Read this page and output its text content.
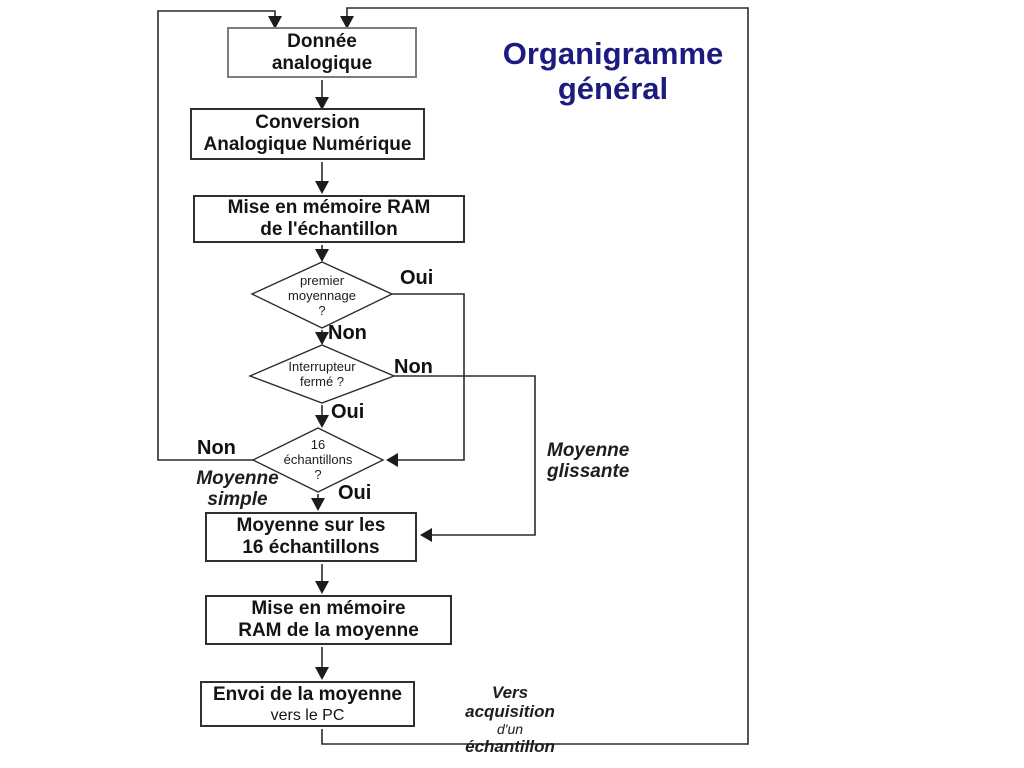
Organigramme
général
Donnée
analogique
Conversion
Analogique Numérique
Mise en mémoire RAM
de l'échantillon
Moyenne sur les
16 échantillons
Mise en mémoire
RAM de la moyenne
Envoi de la moyenne
vers le PC
premier
moyennage
?
Interrupteur
fermé ?
16
échantillons
?
Oui
Non
Non
Oui
Non
Oui
Moyenne
simple
Moyenne
glissante
Vers
acquisition
d'un
échantillon
